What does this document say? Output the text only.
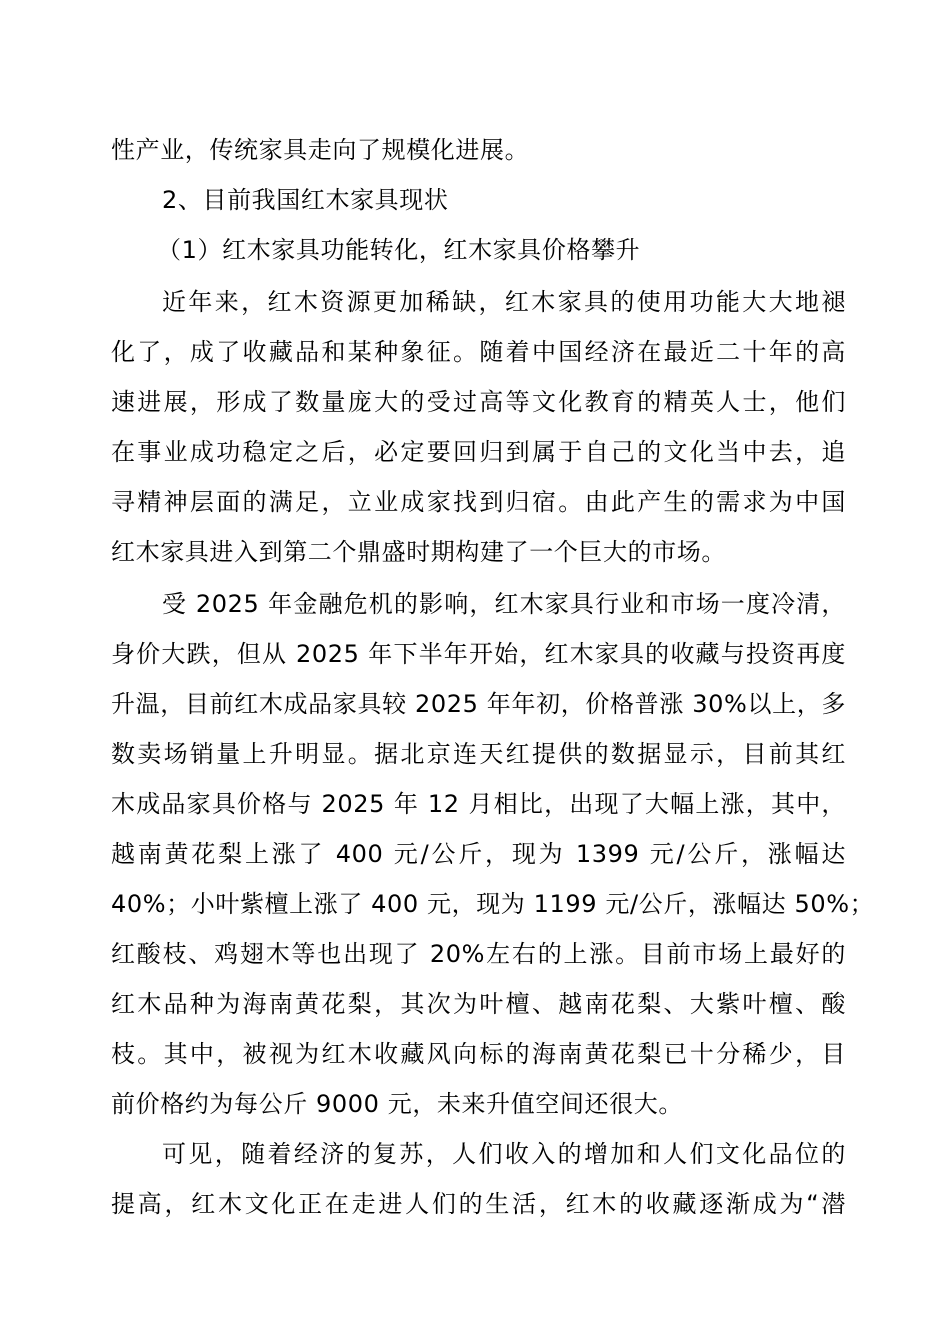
性产业，传统家具走向了规模化进展。
2、目前我国红木家具现状
（1）红木家具功能转化，红木家具价格攀升
近年来，红木资源更加稀缺，红木家具的使用功能大大地褪
化了，成了收藏品和某种象征。随着中国经济在最近二十年的高
速进展，形成了数量庞大的受过高等文化教育的精英人士，他们
在事业成功稳定之后，必定要回归到属于自己的文化当中去，追
寻精神层面的满足，立业成家找到归宿。由此产生的需求为中国
红木家具进入到第二个鼎盛时期构建了一个巨大的市场。
受 2025 年金融危机的影响，红木家具行业和市场一度冷清，
身价大跌，但从 2025 年下半年开始，红木家具的收藏与投资再度
升温，目前红木成品家具较 2025 年年初，价格普涨 30%以上，多
数卖场销量上升明显。据北京连天红提供的数据显示，目前其红
木成品家具价格与 2025 年 12 月相比，出现了大幅上涨，其中，
越南黄花梨上涨了 400 元/公斤，现为 1399 元/公斤，涨幅达
40%；小叶紫檀上涨了 400 元，现为 1199 元/公斤，涨幅达 50%；
红酸枝、鸡翅木等也出现了 20%左右的上涨。目前市场上最好的
红木品种为海南黄花梨，其次为叶檀、越南花梨、大紫叶檀、酸
枝。其中，被视为红木收藏风向标的海南黄花梨已十分稀少，目
前价格约为每公斤 9000 元，未来升值空间还很大。
可见，随着经济的复苏，人们收入的增加和人们文化品位的
提高，红木文化正在走进人们的生活，红木的收藏逐渐成为“潜
